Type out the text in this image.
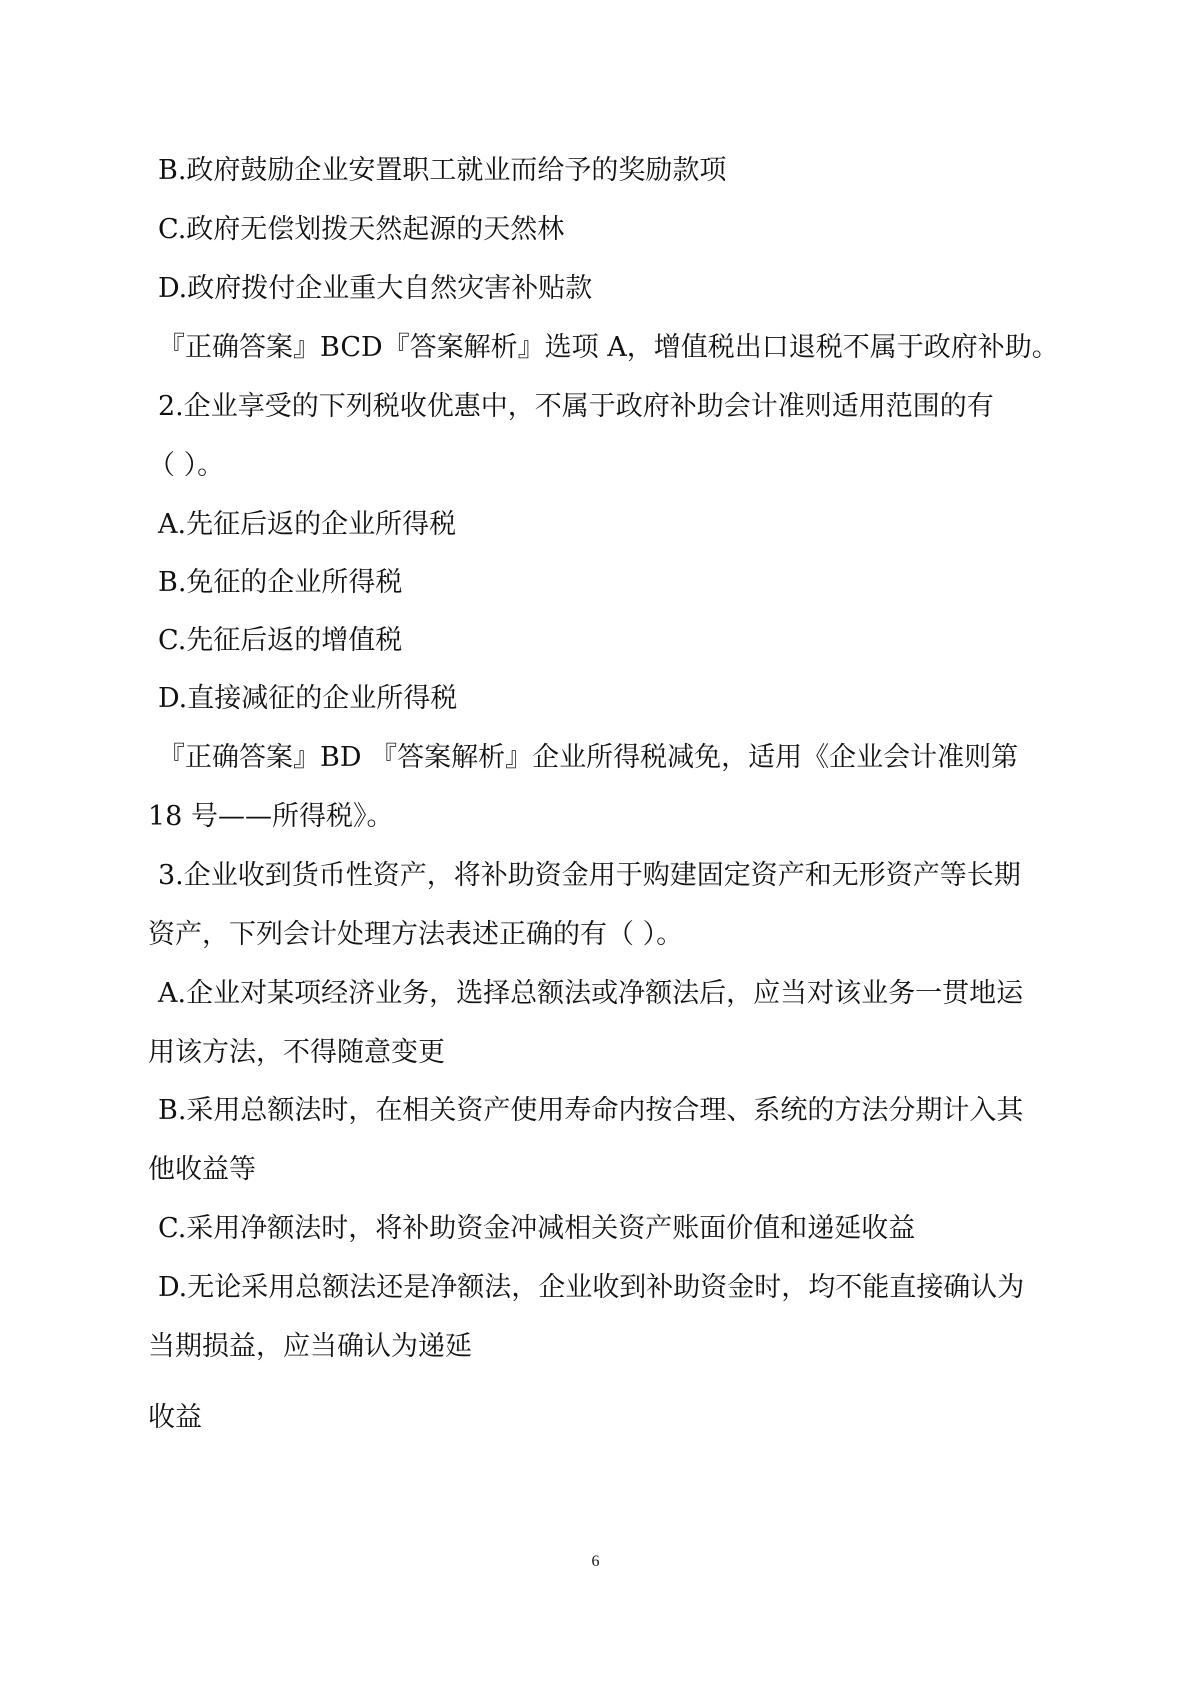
B.政府鼓励企业安置职工就业而给予的奖励款项
C.政府无偿划拨天然起源的天然林
D.政府拨付企业重大自然灾害补贴款
『正确答案』BCD『答案解析』选项 A，增值税出口退税不属于政府补助。
2.企业享受的下列税收优惠中，不属于政府补助会计准则适用范围的有
（ ）。
A.先征后返的企业所得税
B.免征的企业所得税
C.先征后返的增值税
D.直接减征的企业所得税
『正确答案』BD 『答案解析』企业所得税减免，适用《企业会计准则第
18 号——所得税》。
3.企业收到货币性资产，将补助资金用于购建固定资产和无形资产等长期
资产，下列会计处理方法表述正确的有（ ）。
A.企业对某项经济业务，选择总额法或净额法后，应当对该业务一贯地运
用该方法，不得随意变更
B.采用总额法时，在相关资产使用寿命内按合理、系统的方法分期计入其
他收益等
C.采用净额法时，将补助资金冲减相关资产账面价值和递延收益
D.无论采用总额法还是净额法，企业收到补助资金时，均不能直接确认为
当期损益，应当确认为递延
收益
6
